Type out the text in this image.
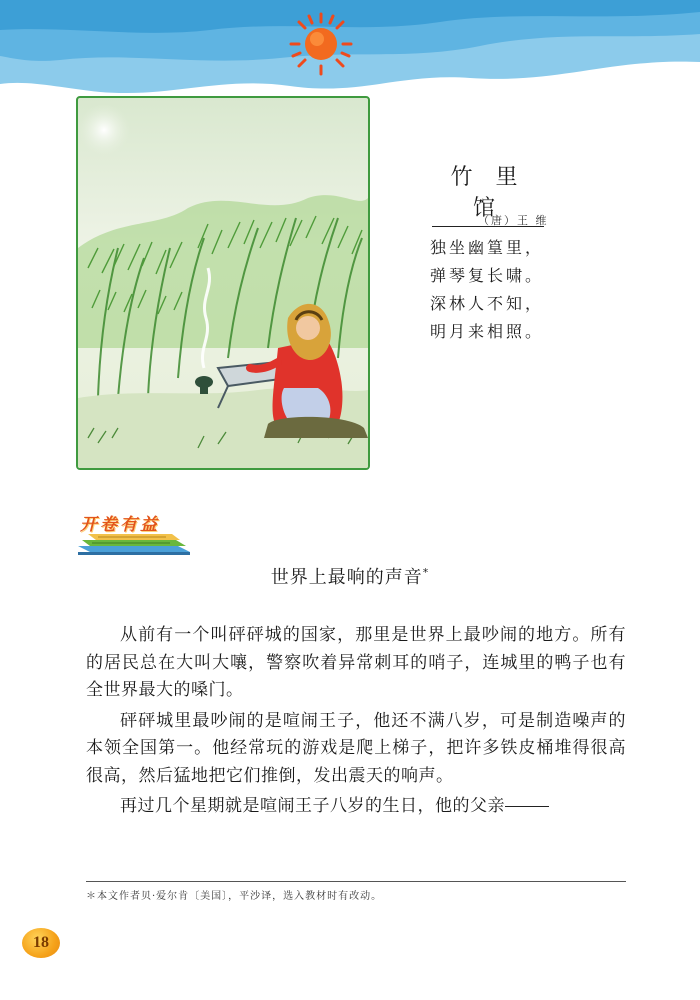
竹 里 馆
（唐）王 维
独坐幽篁里，
弹琴复长啸。
深林人不知，
明月来相照。
开卷有益
世界上最响的声音*

从前有一个叫砰砰城的国家，那里是世界上最吵闹的地方。所有的居民总在大叫大嚷，警察吹着异常刺耳的哨子，连城里的鸭子也有全世界最大的嗓门。

砰砰城里最吵闹的是喧闹王子，他还不满八岁，可是制造噪声的本领全国第一。他经常玩的游戏是爬上梯子，把许多铁皮桶堆得很高很高，然后猛地把它们推倒，发出震天的响声。

再过几个星期就是喧闹王子八岁的生日，他的父亲

＊本文作者贝·爱尔肯〔美国〕，平沙译，选入教材时有改动。
18
